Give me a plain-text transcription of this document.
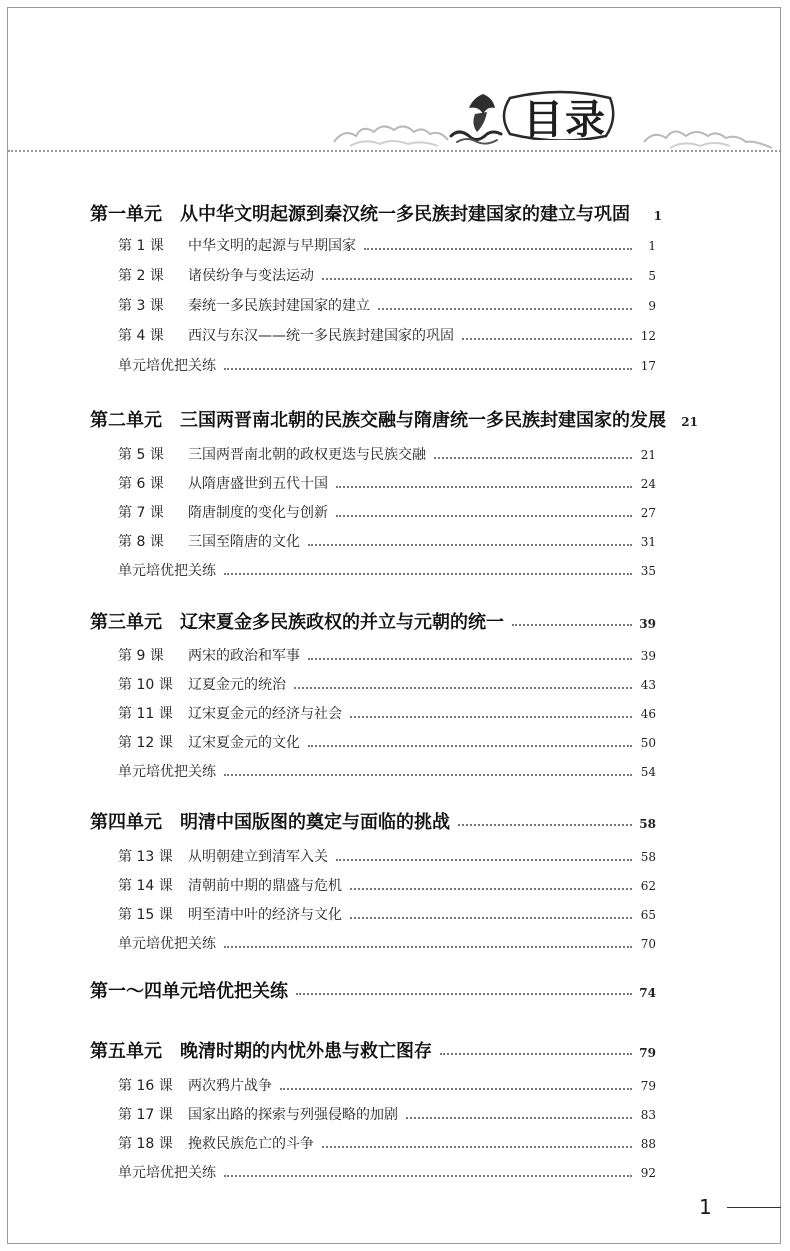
目录
第一单元　从中华文明起源到秦汉统一多民族封建国家的建立与巩固	1
第 1 课 中华文明的起源与早期国家	1
第 2 课 诸侯纷争与变法运动	5
第 3 课 秦统一多民族封建国家的建立	9
第 4 课 西汉与东汉——统一多民族封建国家的巩固	12
单元培优把关练	17
第二单元　三国两晋南北朝的民族交融与隋唐统一多民族封建国家的发展 21
第 5 课 三国两晋南北朝的政权更迭与民族交融	21
第 6 课 从隋唐盛世到五代十国	24
第 7 课 隋唐制度的变化与创新	27
第 8 课 三国至隋唐的文化	31
单元培优把关练	35
第三单元　辽宋夏金多民族政权的并立与元朝的统一	39
第 9 课 两宋的政治和军事	39
第 10 课 辽夏金元的统治	43
第 11 课 辽宋夏金元的经济与社会	46
第 12 课 辽宋夏金元的文化	50
单元培优把关练	54
第四单元　明清中国版图的奠定与面临的挑战	58
第 13 课 从明朝建立到清军入关	58
第 14 课 清朝前中期的鼎盛与危机	62
第 15 课 明至清中叶的经济与文化	65
单元培优把关练	70
第一～四单元培优把关练	74
第五单元　晚清时期的内忧外患与救亡图存	79
第 16 课 两次鸦片战争	79
第 17 课 国家出路的探索与列强侵略的加剧	83
第 18 课 挽救民族危亡的斗争	88
单元培优把关练	92
1
